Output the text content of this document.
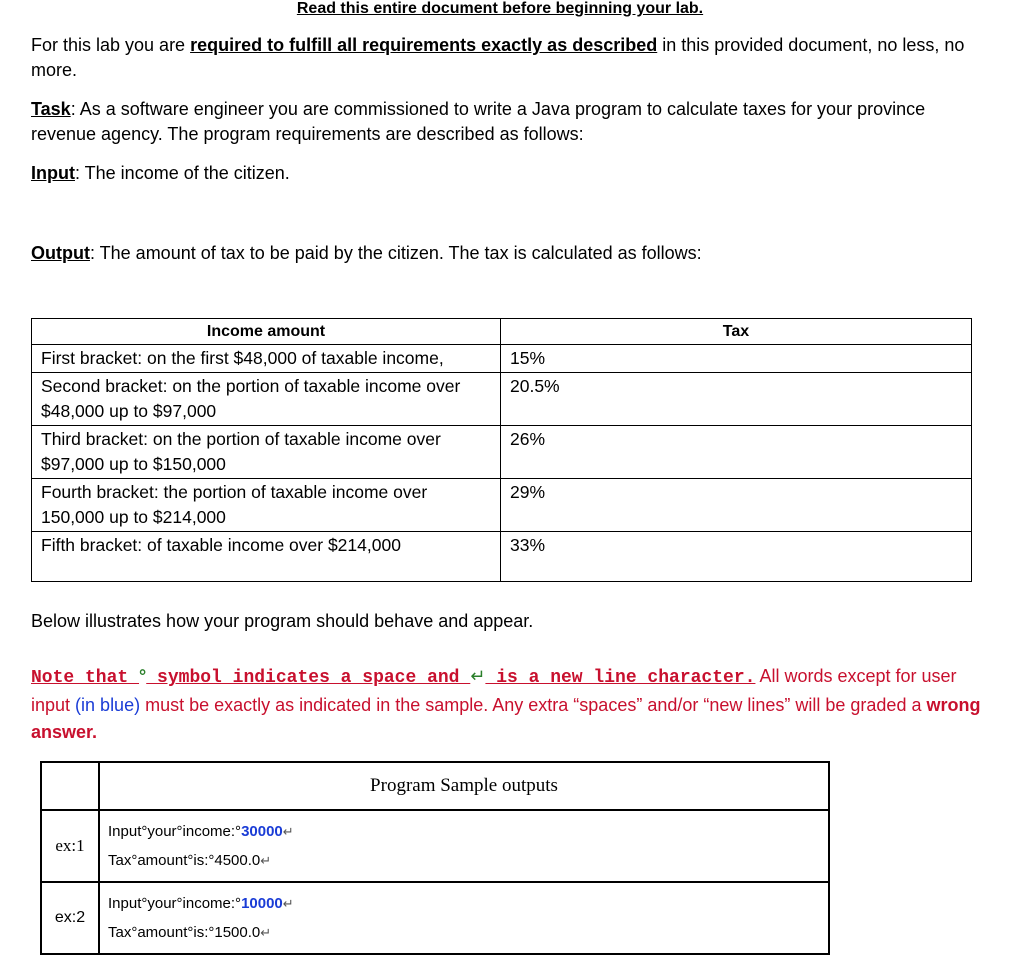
Read this entire document before beginning your lab.
For this lab you are required to fulfill all requirements exactly as described in this provided document, no less, no more.
Task: As a software engineer you are commissioned to write a Java program to calculate taxes for your province revenue agency. The program requirements are described as follows:
Input: The income of the citizen.
Output: The amount of tax to be paid by the citizen. The tax is calculated as follows:
Income amount	Tax
First bracket: on the first $48,000 of taxable income,	15%
Second bracket: on the portion of taxable income over $48,000 up to $97,000	20.5%
Third bracket: on the portion of taxable income over $97,000 up to $150,000	26%
Fourth bracket: the portion of taxable income over 150,000 up to $214,000	29%
Fifth bracket: of taxable income over $214,000	33%
Below illustrates how your program should behave and appear.
Note that ° symbol indicates a space and ↵ is a new line character. All words except for user input (in blue) must be exactly as indicated in the sample. Any extra “spaces” and/or “new lines” will be graded a wrong answer.
	Program Sample outputs
ex:1	Input°your°income:°30000↵
Tax°amount°is:°4500.0↵

ex:2	Input°your°income:°10000↵
Tax°amount°is:°1500.0↵
